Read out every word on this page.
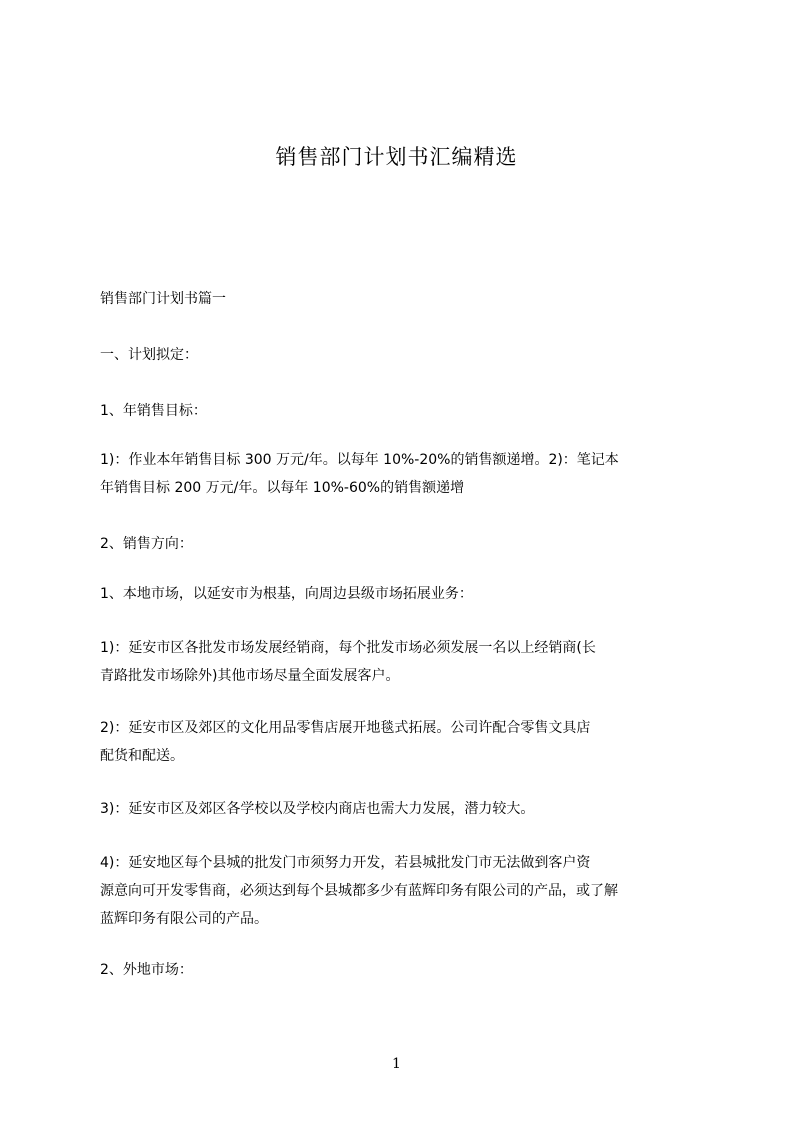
销售部门计划书汇编精选
销售部门计划书篇一
一、计划拟定：
1、年销售目标：
1)：作业本年销售目标 300 万元/年。以每年 10%-20%的销售额递增。2)：笔记本
年销售目标 200 万元/年。以每年 10%-60%的销售额递增
2、销售方向：
1、本地市场，以延安市为根基，向周边县级市场拓展业务：
1)：延安市区各批发市场发展经销商，每个批发市场必须发展一名以上经销商(长
青路批发市场除外)其他市场尽量全面发展客户。
2)：延安市区及郊区的文化用品零售店展开地毯式拓展。公司许配合零售文具店
配货和配送。
3)：延安市区及郊区各学校以及学校内商店也需大力发展，潜力较大。
4)：延安地区每个县城的批发门市须努力开发，若县城批发门市无法做到客户资
源意向可开发零售商，必须达到每个县城都多少有蓝辉印务有限公司的产品，或了解
蓝辉印务有限公司的产品。
2、外地市场：
1
